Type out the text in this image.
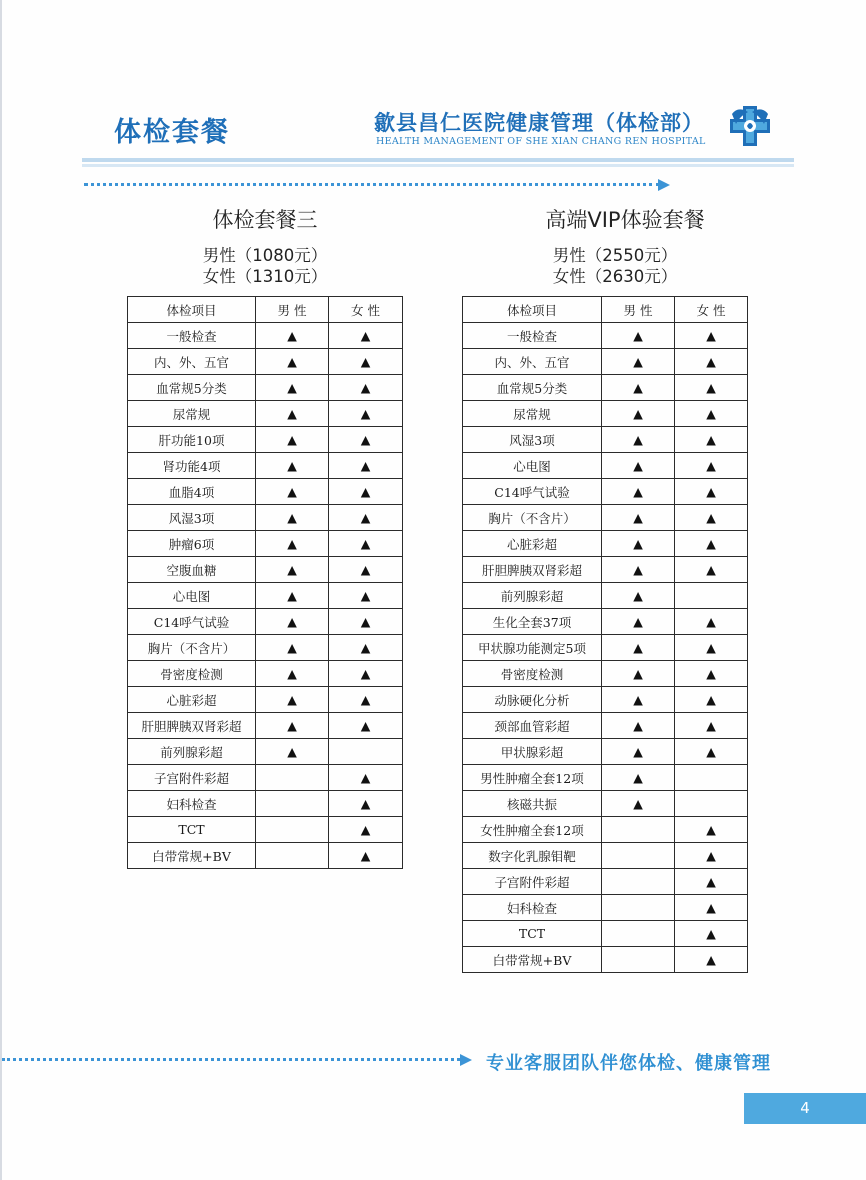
体检套餐	歙县昌仁医院健康管理（体检部）
HEALTH MANAGEMENT OF SHE XIAN CHANG REN HOSPITAL
体检套餐三
男性（1080元）
女性（1310元）
体检项目	男 性	女 性
一般检查	▲	▲
内、外、五官	▲	▲
血常规5分类	▲	▲
尿常规	▲	▲
肝功能10项	▲	▲
肾功能4项	▲	▲
血脂4项	▲	▲
风湿3项	▲	▲
肿瘤6项	▲	▲
空腹血糖	▲	▲
心电图	▲	▲
C14呼气试验	▲	▲
胸片（不含片）	▲	▲
骨密度检测	▲	▲
心脏彩超	▲	▲
肝胆脾胰双肾彩超	▲	▲
前列腺彩超	▲	
子宫附件彩超		▲
妇科检查		▲
TCT		▲
白带常规+BV		▲
高端VIP体验套餐
男性（2550元）
女性（2630元）
体检项目	男 性	女 性
一般检查	▲	▲
内、外、五官	▲	▲
血常规5分类	▲	▲
尿常规	▲	▲
风湿3项	▲	▲
心电图	▲	▲
C14呼气试验	▲	▲
胸片（不含片）	▲	▲
心脏彩超	▲	▲
肝胆脾胰双肾彩超	▲	▲
前列腺彩超	▲	
生化全套37项	▲	▲
甲状腺功能测定5项	▲	▲
骨密度检测	▲	▲
动脉硬化分析	▲	▲
颈部血管彩超	▲	▲
甲状腺彩超	▲	▲
男性肿瘤全套12项	▲	
核磁共振	▲	
女性肿瘤全套12项		▲
数字化乳腺钼靶		▲
子宫附件彩超		▲
妇科检查		▲
TCT		▲
白带常规+BV		▲
专业客服团队伴您体检、健康管理
4
